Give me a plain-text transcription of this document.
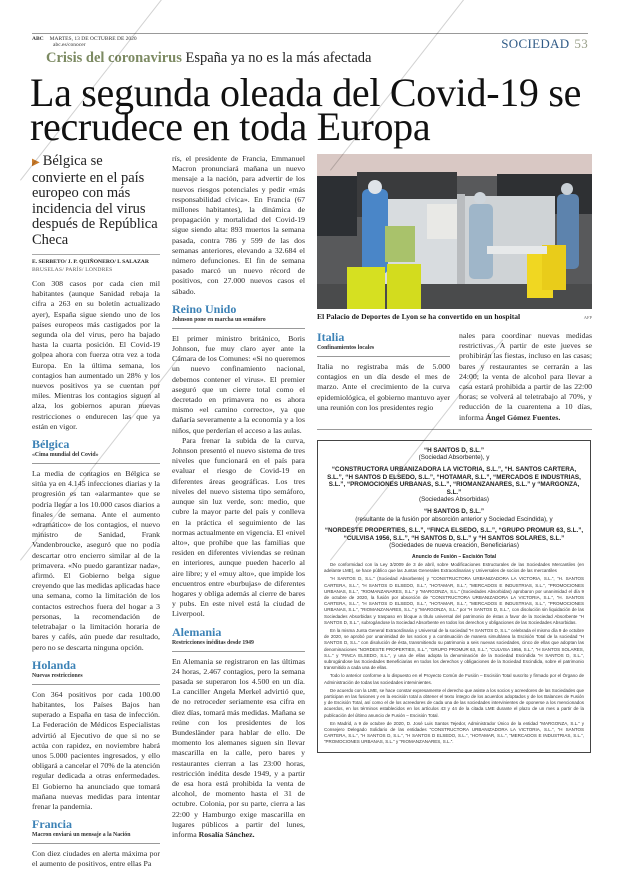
ABC MARTES, 13 DE OCTUBRE DE 2020
abc.es/conocer	SOCIEDAD 53
Crisis del coronavirus España ya no es la más afectada
La segunda oleada del Covid-19 se recrudece en toda Europa
▶ Bélgica se convierte en el país europeo con más incidencia del virus después de República Checa
E. SERBETO/ J. P. QUIÑONERO/ I. SALAZAR
BRUSELAS/ PARÍS/ LONDRES
Con 308 casos por cada cien mil habitantes (aunque Sanidad rebaja la cifra a 263 en su boletín actualizado ayer), España sigue siendo uno de los países europeos más castigados por la segunda ola del virus, pero ha bajado hasta la cuarta posición. El Covid-19 golpea ahora con fuerza otra vez a toda Europa. En la última semana, los contagios han aumentado un 28% y los nuevos positivos ya se cuentan por miles. Mientras los contagios siguen al alza, los gobiernos apuran nuevas restricciones o endurecen las que ya están en vigor.
Bélgica
«Cima mundial del Covid»
La media de contagios en Bélgica se sitúa ya en 4.145 infecciones diarias y la progresión es tan «alarmante» que se podría llegar a los 10.000 casos diarios a finales de semana. Ante el aumento «dramático» de los contagios, el nuevo ministro de Sanidad, Frank Vandenbroucke, aseguró que no podía descartar otro encierro similar al de la primavera. «No puedo garantizar nada», afirmó. El Gobierno belga sigue creyendo que las medidas aplicadas hace una semana, como la limitación de los contactos estrechos fuera del hogar a 3 personas, la recomendación de teletrabajar o la limitación horaria de bares y cafés, aún puede dar resultado, pero no se descarta ninguna opción.
Holanda
Nuevas restricciones
Con 364 positivos por cada 100.00 habitantes, los Países Bajos han superado a España en tasa de infección. La Federación de Médicos Especialistas advirtió al Ejecutivo de que si no se actúa con rapidez, en noviembre habrá unos 5.000 pacientes ingresados, y ello obligará a cancelar el 70% de la atención regular dedicada a otras enfermedades. El Gobierno ha anunciado que tomará mañana nuevas medidas para intentar frenar la pandemia.
Francia
Macron enviará un mensaje a la Nación
Con diez ciudades en alerta máxima por el aumento de positivos, entre ellas Pa
rís, el presidente de Francia, Emmanuel Macron pronunciará mañana un nuevo mensaje a la nación, para advertir de los nuevos riesgos potenciales y pedir «más responsabilidad cívica». En Francia (67 millones habitantes), la dinámica de propagación y mortalidad del Covid-19 sigue siendo alta: 893 muertos la semana pasada, contra 786 y 599 de las dos semanas anteriores, elevando a 32.684 el número defunciones. El fin de semana pasado marcó un nuevo récord de positivos, con 27.000 nuevos casos el sábado.
Reino Unido
Johnson pone en marcha un semáforo

El primer ministro británico, Boris Johnson, fue muy claro ayer ante la Cámara de los Comunes: «Si no queremos un nuevo confinamiento nacional, debemos contener el virus». El premier aseguró que un cierre total como el decretado en primavera no es ahora mismo «el camino correcto», ya que dañaría severamente a la economía y a los niños, que perderían el acceso a las aulas.

Para frenar la subida de la curva, Johnson presentó el nuevo sistema de tres niveles que funcionará en el país para evaluar el riesgo de Covid-19 en diferentes áreas geográficas. Los tres niveles del nuevo sistema tipo semáforo, aunque sin luz verde, son: medio, que cubre la mayor parte del país y conlleva en la práctica el seguimiento de las normas actualmente en vigencia. El «nivel alto», que prohíbe que las familias que residen en diferentes viviendas se reúnan en interiores, aunque pueden hacerlo al aire libre; y el «muy alto», que impide los encuentros entre «burbujas» de diferentes hogares y obliga además al cierre de bares y pubs. En este nivel está la ciudad de Liverpool.

Alemania
Restricciones inéditas desde 1949
En Alemania se registraron en las últimas 24 horas, 2.467 contagios, pero la semana pasada se superaron los 4.500 en un día. La canciller Angela Merkel advirtió que, de no retroceder seriamente esa cifra en diez días, tomará más medidas. Mañana se reúne con los presidentes de los Bundesländer para hablar de ello. De momento los alemanes siguen sin llevar mascarilla en la calle, pero bares y restaurantes cierran a las 23:00 horas, restricción inédita desde 1949, y a partir de esa hora está prohibida la venta de alcohol, de momento hasta el 31 de octubre. Colonia, por su parte, cierra a las 22:00 y Hamburgo exige mascarilla en lugares públicos a partir del lunes, informa Rosalía Sánchez.
El Palacio de Deportes de Lyon se ha convertido en un hospital	AFP
Italia
Confinamientos locales
Italia no registraba más de 5.000 contagios en un día desde el mes de marzo. Ante el crecimiento de la curva epidemiológica, el gobierno mantuvo ayer una reunión con los presidentes regio
nales para coordinar nuevas medidas restrictivas. A partir de este jueves se prohibirán las fiestas, incluso en las casas; bares y restaurantes se cerrarán a las 24:00; la venta de alcohol para llevar a casa estará prohibida a partir de las 22:00 horas; se volverá al teletrabajo al 70%, y reducción de la cuarentena a 10 días, informa Ángel Gómez Fuentes.
“H SANTOS D, S.L.”
(Sociedad Absorbente), y
“CONSTRUCTORA URBANIZADORA LA VICTORIA, S.L.”, “H. SANTOS CARTERA, S.L.”, “H SANTOS D ELSEDO, S.L.”, “HOTAMAR, S.L.”, “MERCADOS E INDUSTRIAS, S.L.”, “PROMOCIONES URBANAS, S.L.”, “RIOMANZANARES, S.L.” y “MARGONZA, S.L.”
(Sociedades Absorbidas)
“H SANTOS D, S.L.”
(resultante de la fusión por absorción anterior y Sociedad Escindida), y
“NORDESTE PROPERTIES, S.L.”, “FINCA ELSEDO, S.L.”, “GRUPO PROMUR 63, S.L.”, “CULVISA 1956, S.L.”, “H SANTOS D, S.L.” y “H SANTOS SOLARES, S.L.”
(Sociedades de nueva creación, Beneficiarias)
Anuncio de Fusión – Escisión Total
De conformidad con la Ley 3/2009 de 3 de abril, sobre Modificaciones Estructurales de las Sociedades Mercantiles (en adelante LME), se hace público que las Juntas Generales Extraordinarias y Universales de socios de las mercantiles
“H SANTOS D, S.L.” (Sociedad Absorbente) y “CONSTRUCTORA URBANIZADORA LA VICTORIA, S.L.”, “H. SANTOS CARTERA, S.L.”, “H SANTOS D ELSEDO, S.L.”, “HOTAMAR, S.L.”, “MERCADOS E INDUSTRIAS, S.L.”, “PROMOCIONES URBANAS, S.L.”, “RIOMANZANARES, S.L.” y “MARGONZA, S.L.” (Sociedades Absorbidas) aprobaron por unanimidad el día 9 de octubre de 2020, la fusión por absorción de “CONSTRUCTORA URBANIZADORA LA VICTORIA, S.L.”, “H. SANTOS CARTERA, S.L.”, “H SANTOS D ELSEDO, S.L.”, “HOTAMAR, S.L.”, “MERCADOS E INDUSTRIAS, S.L.”, “PROMOCIONES URBANAS, S.L.”, “RIOMANZANARES, S.L.” y “MARGONZA, S.L.” por “H SANTOS D, S.L.”, con disolución sin liquidación de las Sociedades Absorbidas y traspaso en bloque a título universal del patrimonio de éstas a favor de la Sociedad Absorbente “H SANTOS D, S.L.”, subrogándose la Sociedad Absorbente en todos los derechos y obligaciones de las Sociedades Absorbidas.
En la misma Junta General Extraordinaria y Universal de la sociedad “H SANTOS D, S.L.” celebrada el mismo día 9 de octubre de 2020, se aprobó por unanimidad de los socios y a continuación de manera simultánea la Escisión Total de la sociedad “H SANTOS D, S.L.” con disolución de ésta, transmitiendo su patrimonio a seis nuevas sociedades, cinco de ellas que adoptan las denominaciones “NORDESTE PROPERTIES, S.L.”, “GRUPO PROMUR 63, S.L.”, “CULVISA 1956, S.L.”, “H SANTOS SOLARES, S.L.” y “FINCA ELSEDO, S.L.”, y una de ellas adopta la denominación de la Sociedad Escindida “H SANTOS D, S.L.”, subrogándose las Sociedades Beneficiarias en todos los derechos y obligaciones de la Sociedad Escindida, sobre el patrimonio transmitido a cada una de ellas.
Todo lo anterior conforme a lo dispuesto en el Proyecto Común de Fusión – Escisión Total suscrito y firmado por el Órgano de Administración de todas las sociedades intervinientes.
De acuerdo con la LME, se hace constar expresamente el derecho que asiste a los socios y acreedores de las Sociedades que participan en las fusiones y en la escisión total a obtener el texto íntegro de los acuerdos adoptados y de los Balances de Fusión y de Escisión Total, así como el de los acreedores de cada una de las sociedades intervinientes de oponerse a los mencionados acuerdos, en los términos establecidos en los artículos 43 y 44 de la citada LME durante el plazo de un mes a partir de la publicación del último anuncio de Fusión – Escisión Total.
En Madrid, a 9 de octubre de 2020, D. José Luis Santos Tejedor, Administrador Único de la entidad “MARGONZA, S.L.” y Consejero Delegado Solidario de las entidades “CONSTRUCTORA URBANIZADORA LA VICTORIA, S.L.”, “H SANTOS CARTERA, S.L.”, “H SANTOS D, S.L.”, “H SANTOS D ELSEDO, S.L.”, “HOTAMAR, S.L.”, “MERCADOS E INDUSTRIAS, S.L.”, “PROMOCIONES URBANAS, S.L.” y “RIOMANZANARES, S.L.”.
